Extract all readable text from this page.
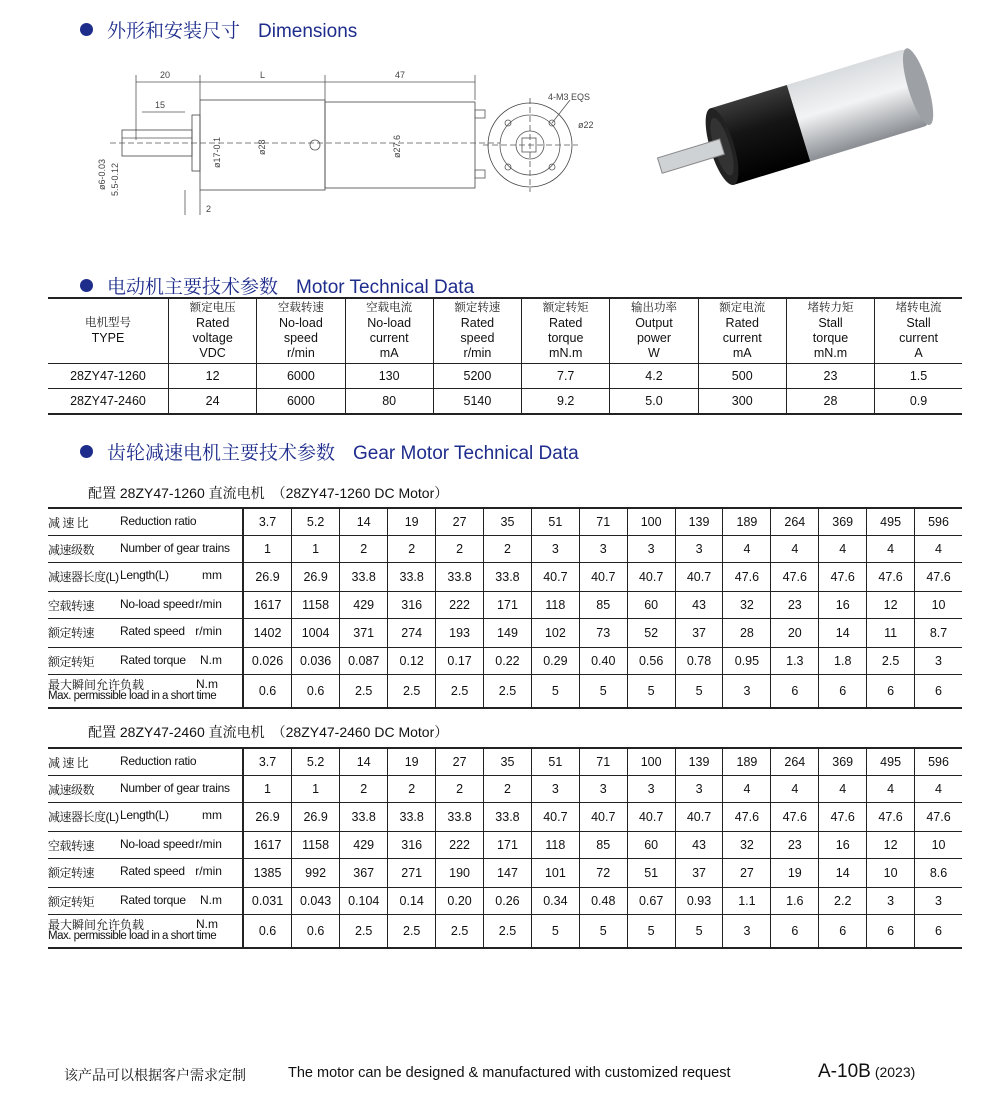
外形和安装尺寸 Dimensions
20
15
L	47
4-M3 EQS
ø22
ø6-0.03 5.5-0.12
ø17-0.1	ø28	ø27.6
2
电动机主要技术参数 Motor Technical Data
电机型号
TYPE	额定电压
Rated
voltage
VDC	空载转速
No-load
speed
r/min	空载电流
No-load
current
mA	额定转速
Rated
speed
r/min	额定转矩
Rated
torque
mN.m	输出功率
Output
power
W	额定电流
Rated
current
mA	堵转力矩
Stall
torque
mN.m	堵转电流
Stall
current
A

28ZY47-1260	12	6000	130	5200	7.7	4.2	500	23	1.5
28ZY47-2460	24	6000	80	5140	9.2	5.0	300	28	0.9
齿轮减速电机主要技术参数 Gear Motor Technical Data
配置 28ZY47-1260 直流电机　（28ZY47-1260 DC Motor）
减 速 比 Reduction ratio	3.7	5.2	14	19	27	35	51	71	100	139	189	264	369	495	596

减速级数 Number of gear trains	1	1	2	2	2	2	3	3	3	3	4	4	4	4	4

减速器长度(L) Length(L) mm	26.9	26.9	33.8	33.8	33.8	33.8	40.7	40.7	40.7	40.7	47.6	47.6	47.6	47.6	47.6

空载转速 No-load speed r/min	1617	1158	429	316	222	171	118	85	60	43	32	23	16	12	10

额定转速 Rated speed r/min	1402	1004	371	274	193	149	102	73	52	37	28	20	14	11	8.7

额定转矩 Rated torque N.m	0.026	0.036	0.087	0.12	0.17	0.22	0.29	0.40	0.56	0.78	0.95	1.3	1.8	2.5	3

最大瞬间允许负载
Max. permissible load in a short time
N.m	0.6	0.6	2.5	2.5	2.5	2.5	5	5	5	5	3	6	6	6	6
配置 28ZY47-2460 直流电机　（28ZY47-2460 DC Motor）
减 速 比 Reduction ratio	3.7	5.2	14	19	27	35	51	71	100	139	189	264	369	495	596

减速级数 Number of gear trains	1	1	2	2	2	2	3	3	3	3	4	4	4	4	4

减速器长度(L) Length(L) mm	26.9	26.9	33.8	33.8	33.8	33.8	40.7	40.7	40.7	40.7	47.6	47.6	47.6	47.6	47.6

空载转速 No-load speed r/min	1617	1158	429	316	222	171	118	85	60	43	32	23	16	12	10

额定转速 Rated speed r/min	1385	992	367	271	190	147	101	72	51	37	27	19	14	10	8.6

额定转矩 Rated torque N.m	0.031	0.043	0.104	0.14	0.20	0.26	0.34	0.48	0.67	0.93	1.1	1.6	2.2	3	3

最大瞬间允许负载
Max. permissible load in a short time
N.m	0.6	0.6	2.5	2.5	2.5	2.5	5	5	5	5	3	6	6	6	6
该产品可以根据客户需求定制	The motor can be designed & manufactured with customized request	A-10B (2023)
